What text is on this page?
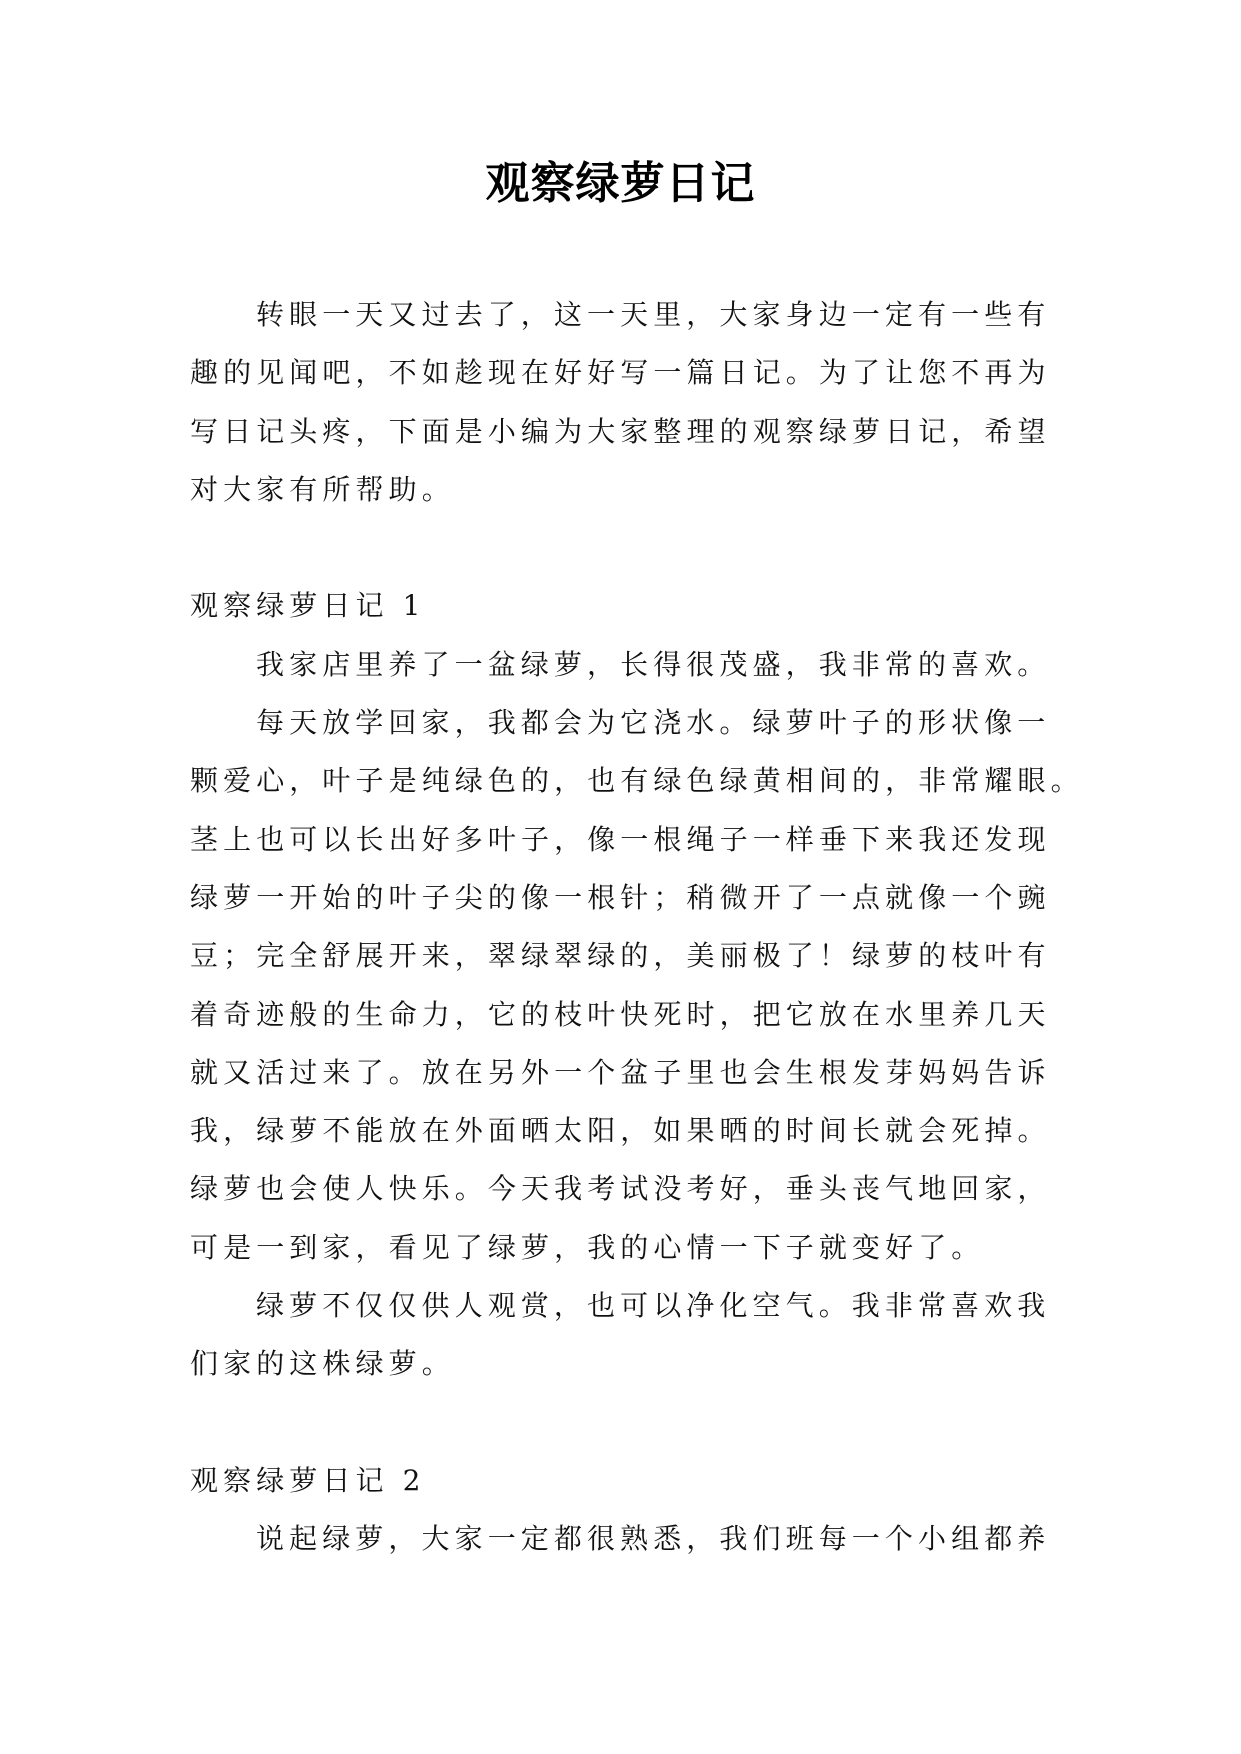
观察绿萝日记
转眼一天又过去了，这一天里，大家身边一定有一些有
趣的见闻吧，不如趁现在好好写一篇日记。为了让您不再为
写日记头疼，下面是小编为大家整理的观察绿萝日记，希望
对大家有所帮助。
观察绿萝日记 1
我家店里养了一盆绿萝，长得很茂盛，我非常的喜欢。
每天放学回家，我都会为它浇水。绿萝叶子的形状像一
颗爱心，叶子是纯绿色的，也有绿色绿黄相间的，非常耀眼。
茎上也可以长出好多叶子，像一根绳子一样垂下来我还发现
绿萝一开始的叶子尖的像一根针；稍微开了一点就像一个豌
豆；完全舒展开来，翠绿翠绿的，美丽极了！绿萝的枝叶有
着奇迹般的生命力，它的枝叶快死时，把它放在水里养几天
就又活过来了。放在另外一个盆子里也会生根发芽妈妈告诉
我，绿萝不能放在外面晒太阳，如果晒的时间长就会死掉。
绿萝也会使人快乐。今天我考试没考好，垂头丧气地回家，
可是一到家，看见了绿萝，我的心情一下子就变好了。
绿萝不仅仅供人观赏，也可以净化空气。我非常喜欢我
们家的这株绿萝。
观察绿萝日记 2
说起绿萝，大家一定都很熟悉，我们班每一个小组都养
